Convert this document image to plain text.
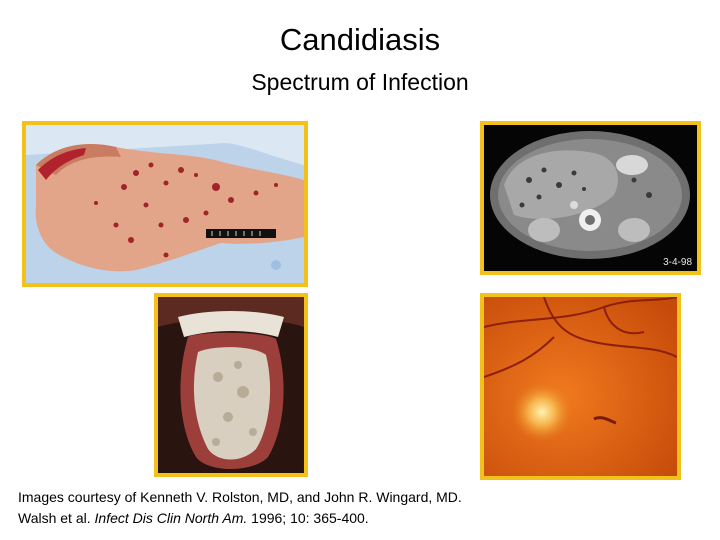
Candidiasis
Spectrum of Infection
3-4-98
Images courtesy of Kenneth V. Rolston, MD, and John R. Wingard, MD.
Walsh et al. Infect Dis Clin North Am. 1996; 10: 365-400.
